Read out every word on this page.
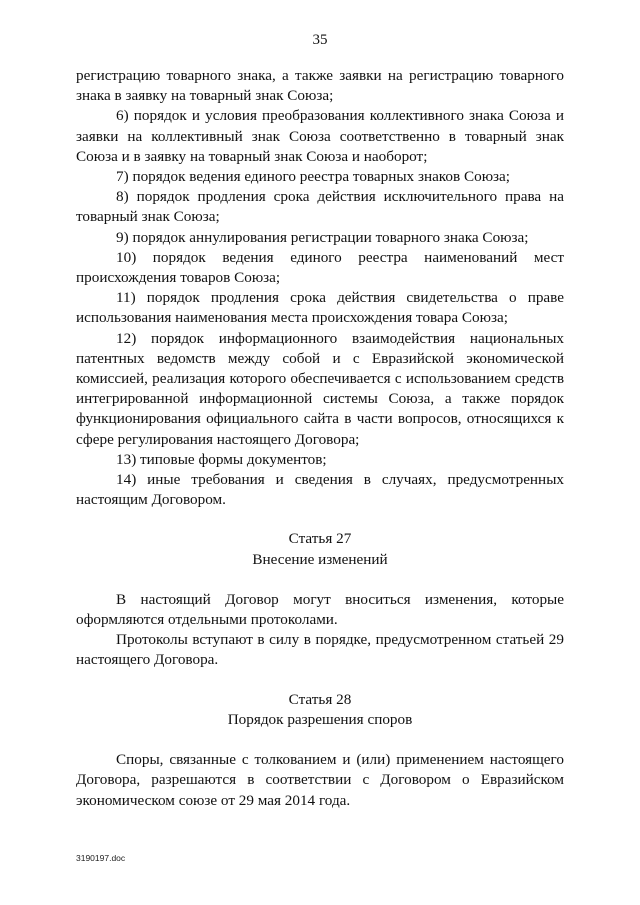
35

регистрацию товарного знака, а также заявки на регистрацию товарного знака в заявку на товарный знак Союза;

6) порядок и условия преобразования коллективного знака Союза и заявки на коллективный знак Союза соответственно в товарный знак Союза и в заявку на товарный знак Союза и наоборот;

7) порядок ведения единого реестра товарных знаков Союза;

8) порядок продления срока действия исключительного права на товарный знак Союза;

9) порядок аннулирования регистрации товарного знака Союза;

10) порядок ведения единого реестра наименований мест происхождения товаров Союза;

11) порядок продления срока действия свидетельства о праве использования наименования места происхождения товара Союза;

12) порядок информационного взаимодействия национальных патентных ведомств между собой и с Евразийской экономической комиссией, реализация которого обеспечивается с использованием средств интегрированной информационной системы Союза, а также порядок функционирования официального сайта в части вопросов, относящихся к сфере регулирования настоящего Договора;

13) типовые формы документов;

14) иные требования и сведения в случаях, предусмотренных настоящим Договором.

Статья 27

Внесение изменений

В настоящий Договор могут вноситься изменения, которые оформляются отдельными протоколами.

Протоколы вступают в силу в порядке, предусмотренном статьей 29 настоящего Договора.

Статья 28

Порядок разрешения споров

Споры, связанные с толкованием и (или) применением настоящего Договора, разрешаются в соответствии с Договором о Евразийском экономическом союзе от 29 мая 2014 года.

3190197.doc
